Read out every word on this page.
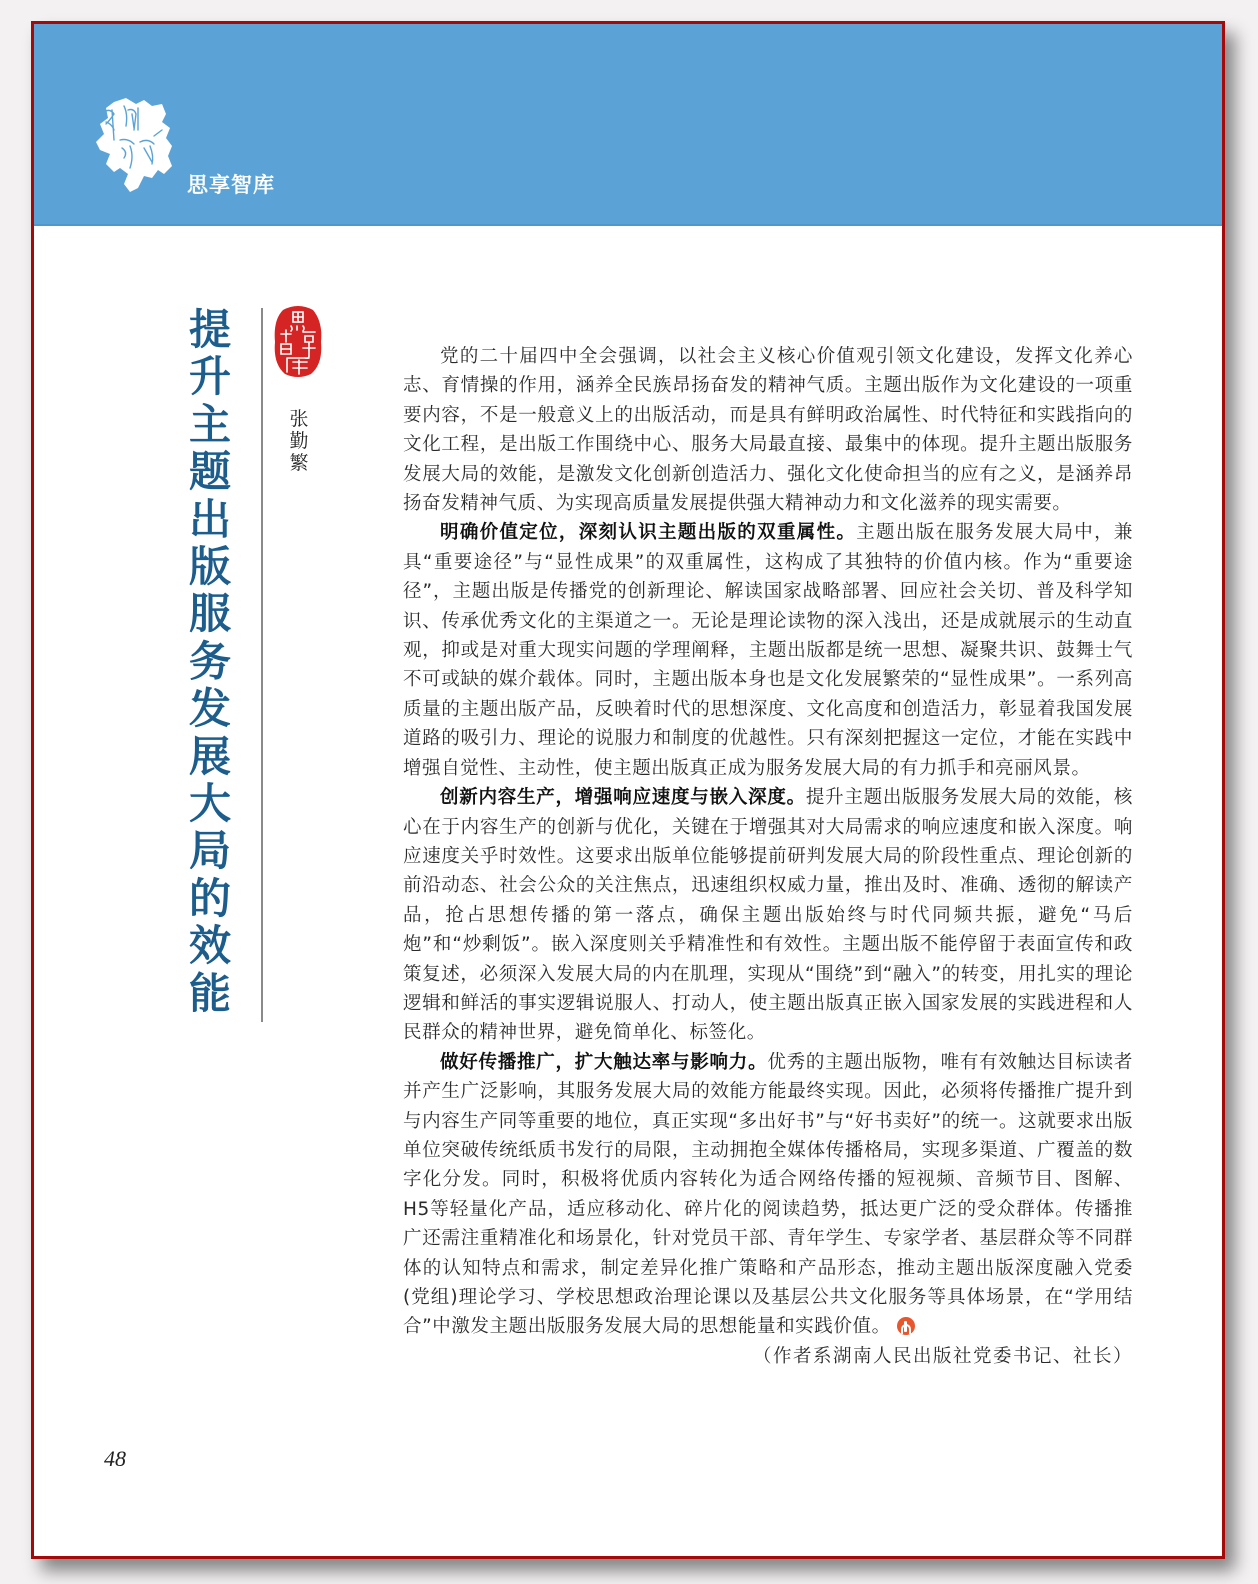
思享智库
提
升
主
题
出
版
服
务
发
展
大
局
的
效
能
张
勤
繁

党的二十届四中全会强调，以社会主义核心价值观引领文化建设，发挥文化养心志、育情操的作用，涵养全民族昂扬奋发的精神气质。主题出版作为文化建设的一项重要内容，不是一般意义上的出版活动，而是具有鲜明政治属性、时代特征和实践指向的文化工程，是出版工作围绕中心、服务大局最直接、最集中的体现。提升主题出版服务发展大局的效能，是激发文化创新创造活力、强化文化使命担当的应有之义，是涵养昂扬奋发精神气质、为实现高质量发展提供强大精神动力和文化滋养的现实需要。

明确价值定位，深刻认识主题出版的双重属性。主题出版在服务发展大局中，兼具“重要途径”与“显性成果”的双重属性，这构成了其独特的价值内核。作为“重要途径”，主题出版是传播党的创新理论、解读国家战略部署、回应社会关切、普及科学知识、传承优秀文化的主渠道之一。无论是理论读物的深入浅出，还是成就展示的生动直观，抑或是对重大现实问题的学理阐释，主题出版都是统一思想、凝聚共识、鼓舞士气不可或缺的媒介载体。同时，主题出版本身也是文化发展繁荣的“显性成果”。一系列高质量的主题出版产品，反映着时代的思想深度、文化高度和创造活力，彰显着我国发展道路的吸引力、理论的说服力和制度的优越性。只有深刻把握这一定位，才能在实践中增强自觉性、主动性，使主题出版真正成为服务发展大局的有力抓手和亮丽风景。

创新内容生产，增强响应速度与嵌入深度。提升主题出版服务发展大局的效能，核心在于内容生产的创新与优化，关键在于增强其对大局需求的响应速度和嵌入深度。响应速度关乎时效性。这要求出版单位能够提前研判发展大局的阶段性重点、理论创新的前沿动态、社会公众的关注焦点，迅速组织权威力量，推出及时、准确、透彻的解读产品，抢占思想传播的第一落点，确保主题出版始终与时代同频共振，避免“马后炮”和“炒剩饭”。嵌入深度则关乎精准性和有效性。主题出版不能停留于表面宣传和政策复述，必须深入发展大局的内在肌理，实现从“围绕”到“融入”的转变，用扎实的理论逻辑和鲜活的事实逻辑说服人、打动人，使主题出版真正嵌入国家发展的实践进程和人民群众的精神世界，避免简单化、标签化。

做好传播推广，扩大触达率与影响力。优秀的主题出版物，唯有有效触达目标读者并产生广泛影响，其服务发展大局的效能方能最终实现。因此，必须将传播推广提升到与内容生产同等重要的地位，真正实现“多出好书”与“好书卖好”的统一。这就要求出版单位突破传统纸质书发行的局限，主动拥抱全媒体传播格局，实现多渠道、广覆盖的数字化分发。同时，积极将优质内容转化为适合网络传播的短视频、音频节目、图解、H5等轻量化产品，适应移动化、碎片化的阅读趋势，抵达更广泛的受众群体。传播推广还需注重精准化和场景化，针对党员干部、青年学生、专家学者、基层群众等不同群体的认知特点和需求，制定差异化推广策略和产品形态，推动主题出版深度融入党委(党组)理论学习、学校思想政治理论课以及基层公共文化服务等具体场景，在“学用结合”中激发主题出版服务发展大局的思想能量和实践价值。
（作者系湖南人民出版社党委书记、社长）

48
